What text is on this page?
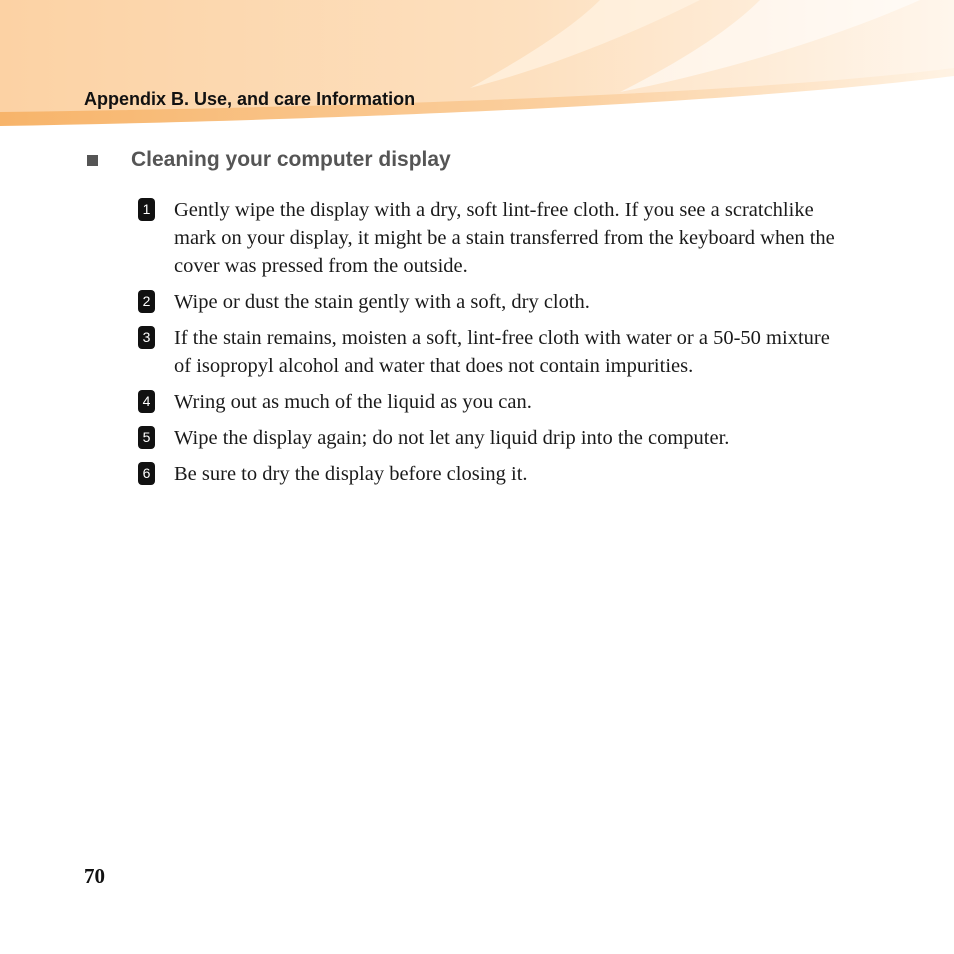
Appendix B. Use, and care Information
Cleaning your computer display
1 Gently wipe the display with a dry, soft lint-free cloth. If you see a scratchlike mark on your display, it might be a stain transferred from the keyboard when the cover was pressed from the outside.
2 Wipe or dust the stain gently with a soft, dry cloth.
3 If the stain remains, moisten a soft, lint-free cloth with water or a 50-50 mixture of isopropyl alcohol and water that does not contain impurities.
4 Wring out as much of the liquid as you can.
5 Wipe the display again; do not let any liquid drip into the computer.
6 Be sure to dry the display before closing it.
70
